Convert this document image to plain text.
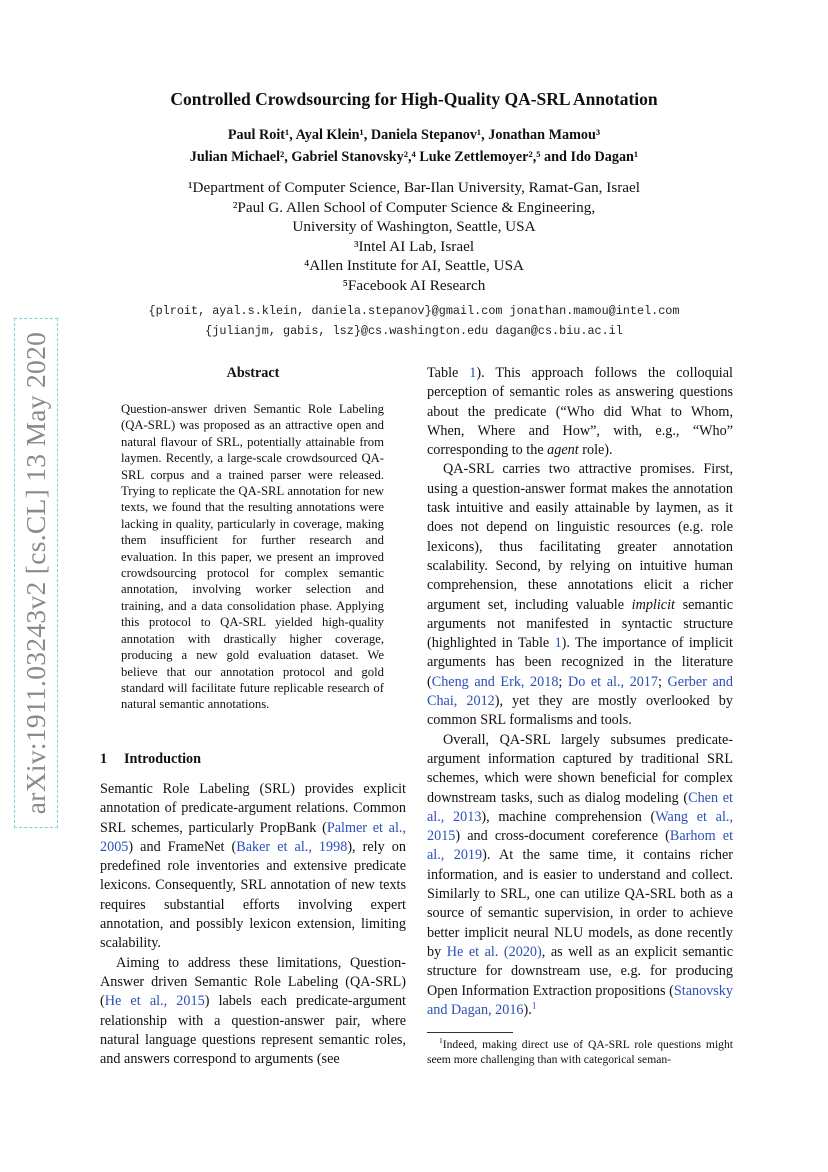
Controlled Crowdsourcing for High-Quality QA-SRL Annotation
Paul Roit¹, Ayal Klein¹, Daniela Stepanov¹, Jonathan Mamou³
Julian Michael², Gabriel Stanovsky²,⁴ Luke Zettlemoyer²,⁵ and Ido Dagan¹
¹Department of Computer Science, Bar-Ilan University, Ramat-Gan, Israel
²Paul G. Allen School of Computer Science & Engineering,
University of Washington, Seattle, USA
³Intel AI Lab, Israel
⁴Allen Institute for AI, Seattle, USA
⁵Facebook AI Research
{plroit, ayal.s.klein, daniela.stepanov}@gmail.com jonathan.mamou@intel.com
{julianjm, gabis, lsz}@cs.washington.edu dagan@cs.biu.ac.il
arXiv:1911.03243v2 [cs.CL] 13 May 2020	Abstract
Question-answer driven Semantic Role Labeling (QA-SRL) was proposed as an attractive open and natural flavour of SRL, potentially attainable from laymen. Recently, a large-scale crowdsourced QA-SRL corpus and a trained parser were released. Trying to replicate the QA-SRL annotation for new texts, we found that the resulting annotations were lacking in quality, particularly in coverage, making them insufficient for further research and evaluation. In this paper, we present an improved crowdsourcing protocol for complex semantic annotation, involving worker selection and training, and a data consolidation phase. Applying this protocol to QA-SRL yielded high-quality annotation with drastically higher coverage, producing a new gold evaluation dataset. We believe that our annotation protocol and gold standard will facilitate future replicable research of natural semantic annotations.
1 Introduction

Semantic Role Labeling (SRL) provides explicit annotation of predicate-argument relations. Common SRL schemes, particularly PropBank (Palmer et al., 2005) and FrameNet (Baker et al., 1998), rely on predefined role inventories and extensive predicate lexicons. Consequently, SRL annotation of new texts requires substantial efforts involving expert annotation, and possibly lexicon extension, limiting scalability.

Aiming to address these limitations, Question-Answer driven Semantic Role Labeling (QA-SRL) (He et al., 2015) labels each predicate-argument relationship with a question-answer pair, where natural language questions represent semantic roles, and answers correspond to arguments (see

Table 1). This approach follows the colloquial perception of semantic roles as answering questions about the predicate (“Who did What to Whom, When, Where and How”, with, e.g., “Who” corresponding to the agent role).

QA-SRL carries two attractive promises. First, using a question-answer format makes the annotation task intuitive and easily attainable by laymen, as it does not depend on linguistic resources (e.g. role lexicons), thus facilitating greater annotation scalability. Second, by relying on intuitive human comprehension, these annotations elicit a richer argument set, including valuable implicit semantic arguments not manifested in syntactic structure (highlighted in Table 1). The importance of implicit arguments has been recognized in the literature (Cheng and Erk, 2018; Do et al., 2017; Gerber and Chai, 2012), yet they are mostly overlooked by common SRL formalisms and tools.

Overall, QA-SRL largely subsumes predicate-argument information captured by traditional SRL schemes, which were shown beneficial for complex downstream tasks, such as dialog modeling (Chen et al., 2013), machine comprehension (Wang et al., 2015) and cross-document coreference (Barhom et al., 2019). At the same time, it contains richer information, and is easier to understand and collect. Similarly to SRL, one can utilize QA-SRL both as a source of semantic supervision, in order to achieve better implicit neural NLU models, as done recently by He et al. (2020), as well as an explicit semantic structure for downstream use, e.g. for producing Open Information Extraction propositions (Stanovsky and Dagan, 2016).$^1$

$^1$Indeed, making direct use of QA-SRL role questions might seem more challenging than with categorical seman-
